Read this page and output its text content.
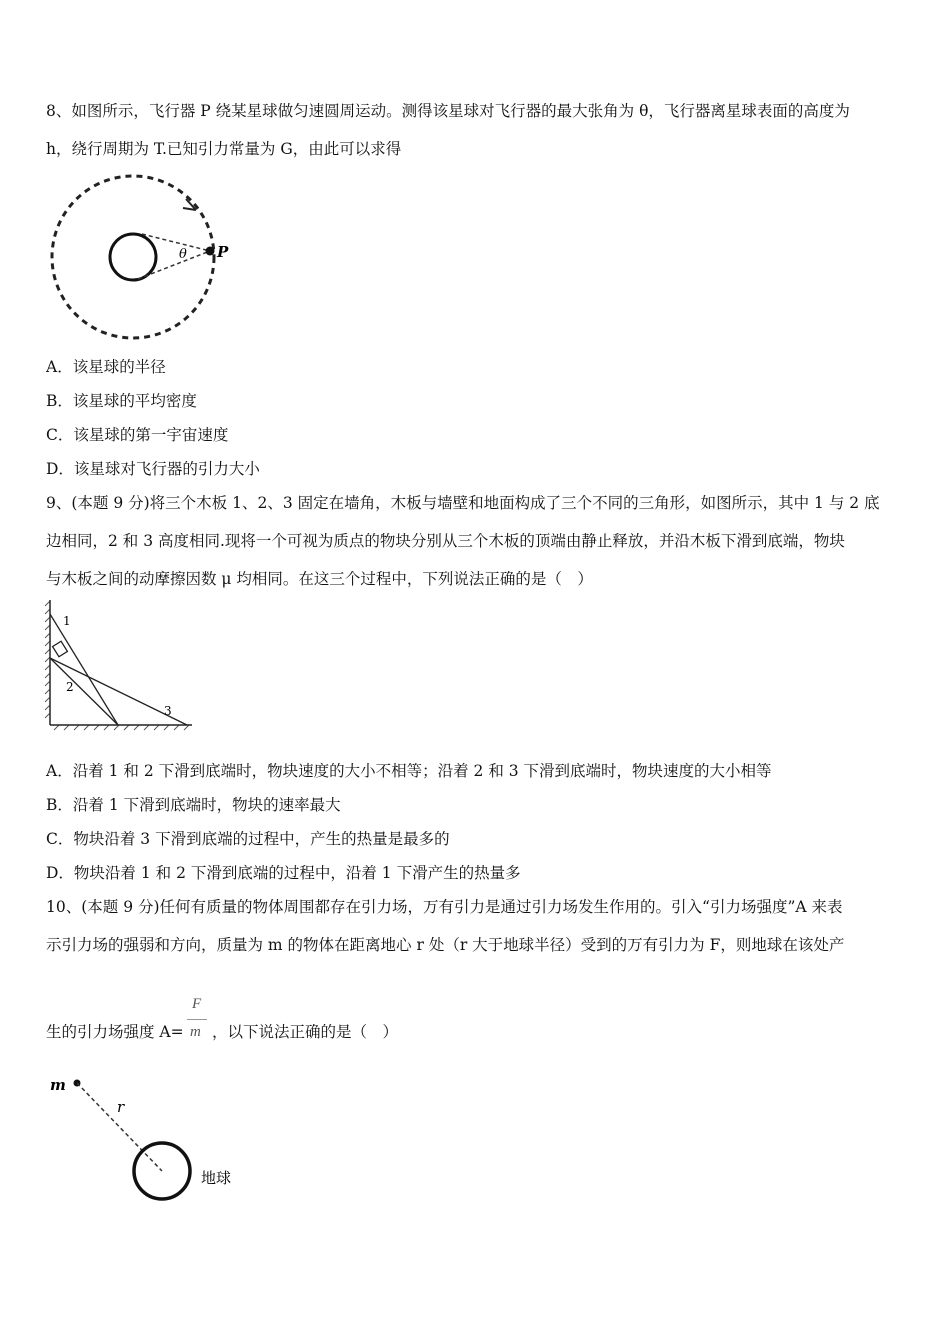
8、如图所示，飞行器 P 绕某星球做匀速圆周运动。测得该星球对飞行器的最大张角为 θ，飞行器离星球表面的高度为
h，绕行周期为 T.已知引力常量为 G，由此可以求得
θ P
A．该星球的半径
B．该星球的平均密度
C．该星球的第一宇宙速度
D．该星球对飞行器的引力大小
9、(本题 9 分)将三个木板 1、2、3 固定在墙角，木板与墙壁和地面构成了三个不同的三角形，如图所示，其中 1 与 2 底
边相同，2 和 3 高度相同.现将一个可视为质点的物块分别从三个木板的顶端由静止释放，并沿木板下滑到底端，物块
与木板之间的动摩擦因数 μ 均相同。在这三个过程中，下列说法正确的是（　）
1
2
3
A．沿着 1 和 2 下滑到底端时，物块速度的大小不相等；沿着 2 和 3 下滑到底端时，物块速度的大小相等
B．沿着 1 下滑到底端时，物块的速率最大
C．物块沿着 3 下滑到底端的过程中，产生的热量是最多的
D．物块沿着 1 和 2 下滑到底端的过程中，沿着 1 下滑产生的热量多
10、(本题 9 分)任何有质量的物体周围都存在引力场，万有引力是通过引力场发生作用的。引入“引力场强度”A 来表
示引力场的强弱和方向，质量为 m 的物体在距离地心 r 处（r 大于地球半径）受到的万有引力为 F，则地球在该处产
生的引力场强度 A=
F
m ，以下说法正确的是（　）
m
r
地球
